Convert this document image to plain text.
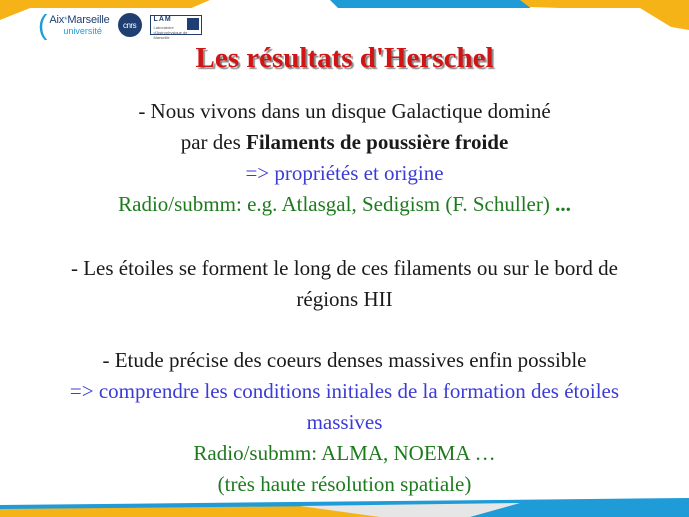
( Aix*Marseille
université
cnrs
LAM
Laboratoire d'Astrophysique de Marseille
Les résultats d'Herschel

- Nous vivons dans un disque Galactique dominé

par des Filaments de poussière froide

=> propriétés et origine

Radio/submm: e.g. Atlasgal, Sedigism (F. Schuller) ...

- Les étoiles se forment le long de ces filaments ou sur le bord de

régions HII

- Etude précise des coeurs denses massives enfin possible

=> comprendre les conditions initiales de la formation des étoiles

massives

Radio/submm: ALMA, NOEMA …

(très haute résolution spatiale)
